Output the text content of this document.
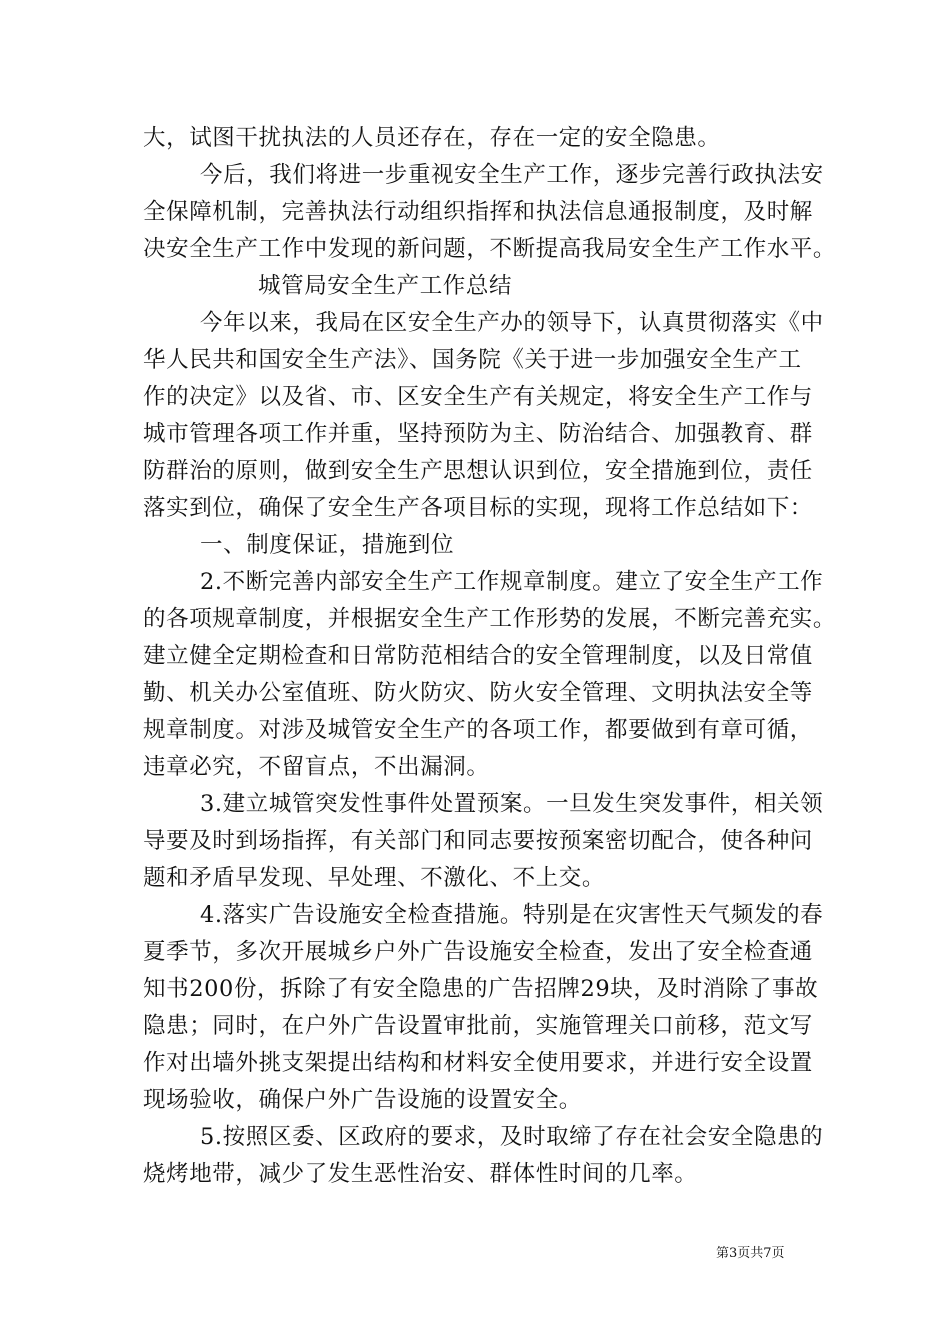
大，试图干扰执法的人员还存在，存在一定的安全隐患。
今后，我们将进一步重视安全生产工作，逐步完善行政执法安
全保障机制，完善执法行动组织指挥和执法信息通报制度，及时解
决安全生产工作中发现的新问题，不断提高我局安全生产工作水平。
城管局安全生产工作总结
今年以来，我局在区安全生产办的领导下，认真贯彻落实《中
华人民共和国安全生产法》、国务院《关于进一步加强安全生产工
作的决定》以及省、市、区安全生产有关规定，将安全生产工作与
城市管理各项工作并重，坚持预防为主、防治结合、加强教育、群
防群治的原则，做到安全生产思想认识到位，安全措施到位，责任
落实到位，确保了安全生产各项目标的实现，现将工作总结如下：
一、制度保证，措施到位
2.不断完善内部安全生产工作规章制度。建立了安全生产工作
的各项规章制度，并根据安全生产工作形势的发展，不断完善充实。
建立健全定期检查和日常防范相结合的安全管理制度，以及日常值
勤、机关办公室值班、防火防灾、防火安全管理、文明执法安全等
规章制度。对涉及城管安全生产的各项工作，都要做到有章可循，
违章必究，不留盲点，不出漏洞。
3.建立城管突发性事件处置预案。一旦发生突发事件，相关领
导要及时到场指挥，有关部门和同志要按预案密切配合，使各种问
题和矛盾早发现、早处理、不激化、不上交。
4.落实广告设施安全检查措施。特别是在灾害性天气频发的春
夏季节，多次开展城乡户外广告设施安全检查，发出了安全检查通
知书200份，拆除了有安全隐患的广告招牌29块，及时消除了事故
隐患；同时，在户外广告设置审批前，实施管理关口前移，范文写
作对出墙外挑支架提出结构和材料安全使用要求，并进行安全设置
现场验收，确保户外广告设施的设置安全。
5.按照区委、区政府的要求，及时取缔了存在社会安全隐患的
烧烤地带，减少了发生恶性治安、群体性时间的几率。
第3页共7页
